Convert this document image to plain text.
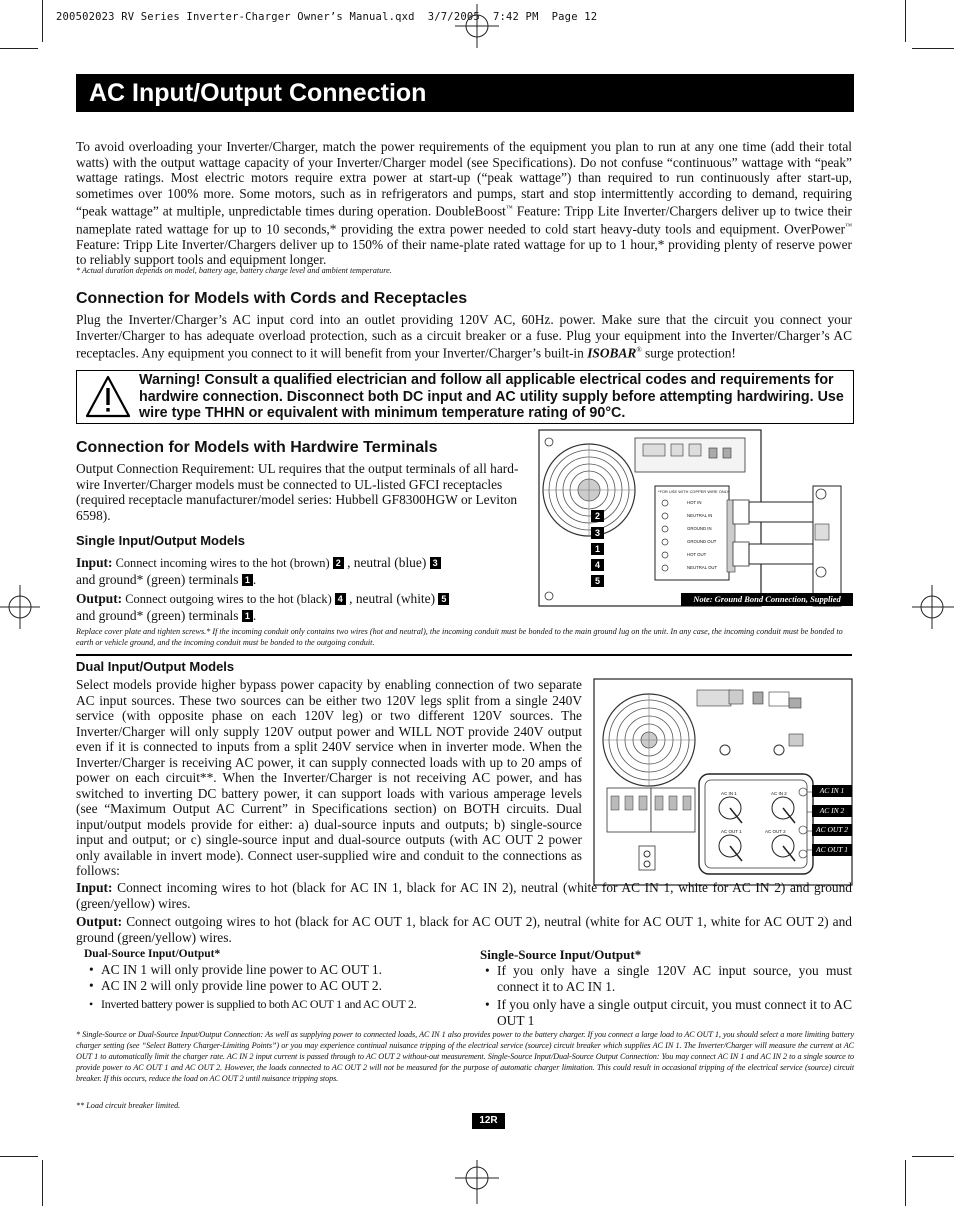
200502023 RV Series Inverter-Charger Owner’s Manual.qxd  3/7/2005  7:42 PM  Page 12
AC Input/Output Connection
To avoid overloading your Inverter/Charger, match the power requirements of the equipment you plan to run at any one time (add their total watts) with the output wattage capacity of your Inverter/Charger model (see Specifications). Do not confuse “continuous” wattage with “peak” wattage ratings. Most electric motors require extra power at start-up (“peak wattage”) than required to run continuously after start-up, sometimes over 100% more. Some motors, such as in refrigerators and pumps, start and stop intermittently according to demand, requiring “peak wattage” at multiple, unpredictable times during operation. DoubleBoost™ Feature: Tripp Lite Inverter/Chargers deliver up to twice their nameplate rated wattage for up to 10 seconds,* providing the extra power needed to cold start heavy-duty tools and equipment. OverPower™ Feature: Tripp Lite Inverter/Chargers deliver up to 150% of their name-plate rated wattage for up to 1 hour,* providing plenty of reserve power to reliably support tools and equipment longer.
* Actual duration depends on model, battery age, battery charge level and ambient temperature.
Connection for Models with Cords and Receptacles
Plug the Inverter/Charger’s AC input cord into an outlet providing 120V AC, 60Hz. power. Make sure that the circuit you connect your Inverter/Charger to has adequate overload protection, such as a circuit breaker or a fuse. Plug your equipment into the Inverter/Charger’s AC receptacles. Any equipment you connect to it will benefit from your Inverter/Charger’s built-in ISOBAR® surge protection!
Warning! Consult a qualified electrician and follow all applicable electrical codes and requirements for hardwire connection. Disconnect both DC input and AC utility supply before attempting hardwiring. Use wire type THHN or equivalent with minimum temperature rating of 90°C.
Connection for Models with Hardwire Terminals
Output Connection Requirement: UL requires that the output terminals of all hard-wire Inverter/Charger models must be connected to UL-listed GFCI receptacles (required receptacle manufacturer/model series: Hubbell GF8300HGW or Leviton 6598).
Single Input/Output Models
Input: Connect incoming wires to the hot (brown) 2 , neutral (blue) 3
and ground* (green) terminals 1 .
Output: Connect outgoing wires to the hot (black) 4 , neutral (white) 5
and ground* (green) terminals 1 .
Replace cover plate and tighten screws.* If the incoming conduit only contains two wires (hot and neutral), the incoming conduit must be bonded to the main ground lug on the unit. In any case, the incoming conduit must be bonded to earth or vehicle ground, and the incoming conduit must be bonded to the outgoing conduit.
*FOR USE WITH COPPER WIRE ONLY
HOT IN
NEUTRAL IN
GROUND IN
GROUND OUT
HOT OUT
NEUTRAL OUT
2
3
1
4
5
Note: Ground Bond Connection, Supplied
Dual Input/Output Models
Select models provide higher bypass power capacity by enabling connection of two separate AC input sources. These two sources can be either two 120V legs split from a single 240V service (with opposite phase on each 120V leg) or two different 120V sources. The Inverter/Charger will only supply 120V output power and WILL NOT provide 240V output even if it is connected to inputs from a split 240V service when in inverter mode. When the Inverter/Charger is receiving AC power, it can supply connected loads with up to 20 amps of power on each circuit**. When the Inverter/Charger is not receiving AC power, and has switched to inverting DC battery power, it can support loads with various amperage levels (see “Maximum Output AC Current” in Specifications section) on BOTH circuits. Dual input/output models provide for either: a) dual-source inputs and outputs; b) single-source input and output; or c) single-source input and dual-source outputs (with AC OUT 2 power only available in invert mode). Connect user-supplied wire and conduit to the connections as follows:
AC IN 1	AC IN 2
AC OUT 1	AC OUT 2
AC IN 1
AC IN 2
AC OUT 2
AC OUT 1
Input: Connect incoming wires to hot (black for AC IN 1, black for AC IN 2), neutral (white for AC IN 1, white for AC IN 2) and ground (green/yellow) wires.
Output: Connect outgoing wires to hot (black for AC OUT 1, black for AC OUT 2), neutral (white for AC OUT 1, white for AC OUT 2) and ground (green/yellow) wires.
Dual-Source Input/Output*
• AC IN 1 will only provide line power to AC OUT 1.
• AC IN 2 will only provide line power to AC OUT 2.
• Inverted battery power is supplied to both AC OUT 1 and AC OUT 2.
Single-Source Input/Output*
• If you only have a single 120V AC input source, you must connect it to AC IN 1.
• If you only have a single output circuit, you must connect it to AC OUT 1
* Single-Source or Dual-Source Input/Output Connection: As well as supplying power to connected loads, AC IN 1 also provides power to the battery charger. If you connect a large load to AC OUT 1, you should select a more limiting battery charger setting (see “Select Battery Charger-Limiting Points”) or you may experience continual nuisance tripping of the electrical service (source) circuit breaker which supplies AC IN 1. The Inverter/Charger will measure the current at AC OUT 1 to automatically limit the charger rate. AC IN 2 input current is passed through to AC OUT 2 without-out measurement. Single-Source Input/Dual-Source Output Connection: You may connect AC IN 1 and AC IN 2 to a single source to provide power to AC OUT 1 and AC OUT 2. However, the loads connected to AC OUT 2 will not be measured for the purpose of automatic charger limitation. This could result in occasional tripping of the electrical service (source) circuit breaker. If this occurs, reduce the load on AC OUT 2 until nuisance tripping stops.
** Load circuit breaker limited.
12R
